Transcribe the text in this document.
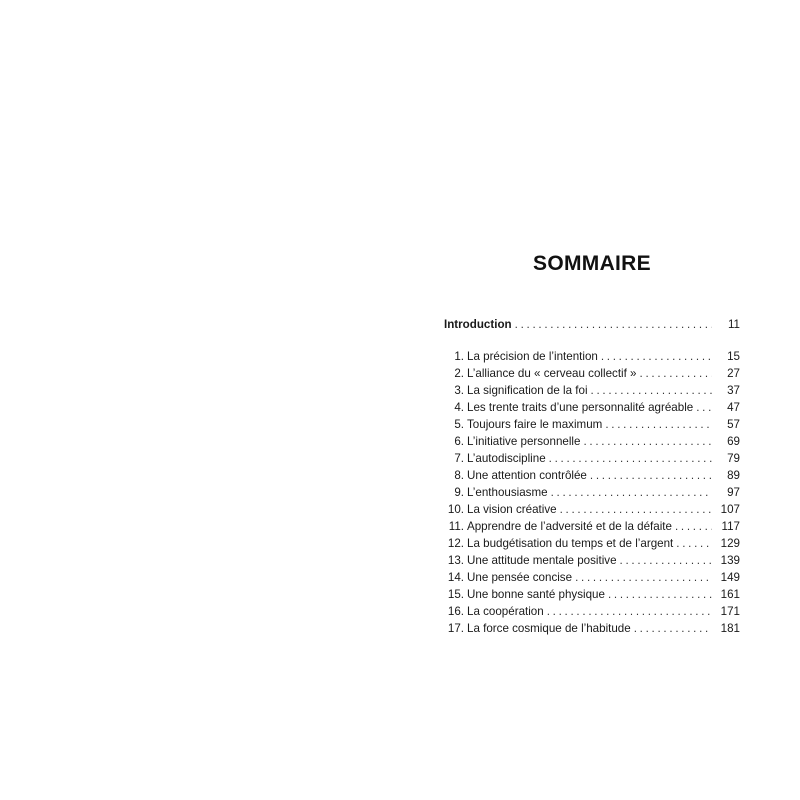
SOMMAIRE
Introduction . . .	11
1. La précision de l’intention . . .	15
2. L’alliance du « cerveau collectif » . . .	27
3. La signification de la foi . . .	37
4. Les trente traits d’une personnalité agréable . . .	47
5. Toujours faire le maximum . . .	57
6. L’initiative personnelle . . .	69
7. L’autodiscipline . . .	79
8. Une attention contrôlée . . .	89
9. L’enthousiasme . . .	97
10. La vision créative . . .	107
11. Apprendre de l’adversité et de la défaite . . .	117
12. La budgétisation du temps et de l’argent . . .	129
13. Une attitude mentale positive . . .	139
14. Une pensée concise . . .	149
15. Une bonne santé physique . . .	161
16. La coopération . . .	171
17. La force cosmique de l’habitude . . .	181
